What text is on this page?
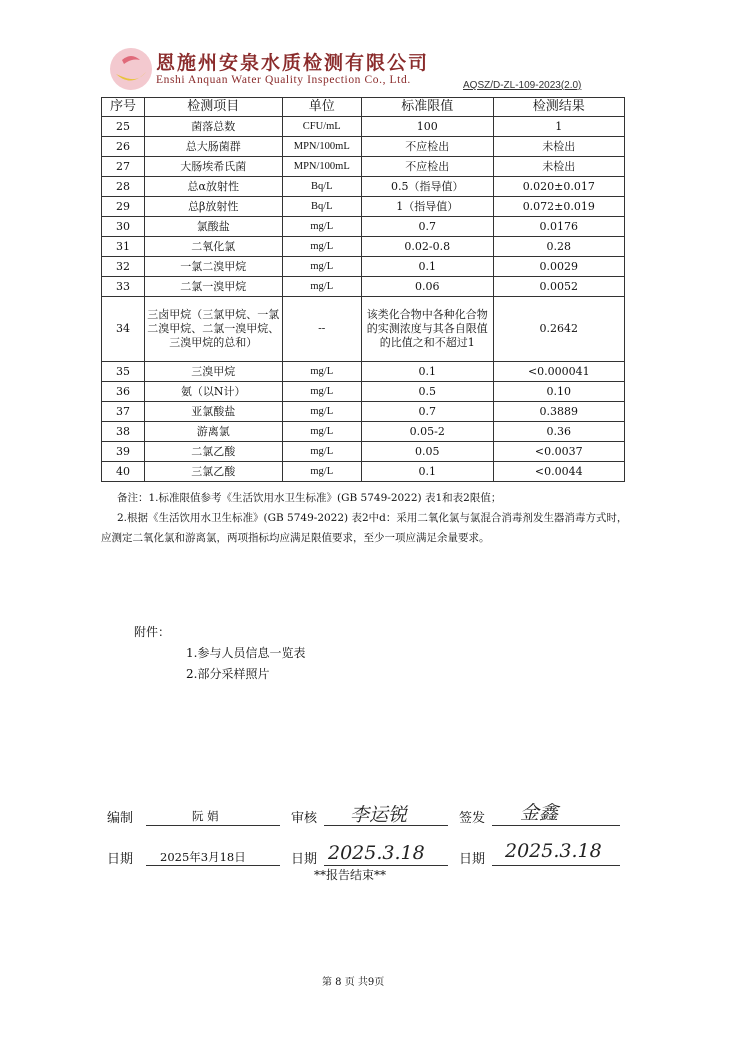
恩施州安泉水质检测有限公司
Enshi Anquan Water Quality Inspection Co., Ltd.	AQSZ/D-ZL-109-2023(2.0)
序号	检测项目	单位	标准限值	检测结果
25	菌落总数	CFU/mL	100	1
26	总大肠菌群	MPN/100mL	不应检出	未检出
27	大肠埃希氏菌	MPN/100mL	不应检出	未检出
28	总α放射性	Bq/L	0.5（指导值）	0.020±0.017
29	总β放射性	Bq/L	1（指导值）	0.072±0.019
30	氯酸盐	mg/L	0.7	0.0176
31	二氧化氯	mg/L	0.02-0.8	0.28
32	一氯二溴甲烷	mg/L	0.1	0.0029
33	二氯一溴甲烷	mg/L	0.06	0.0052
34	三卤甲烷（三氯甲烷、一氯二溴甲烷、二氯一溴甲烷、三溴甲烷的总和）	--	该类化合物中各种化合物的实测浓度与其各自限值的比值之和不超过1	0.2642
35	三溴甲烷	mg/L	0.1	<0.000041
36	氨（以N计）	mg/L	0.5	0.10
37	亚氯酸盐	mg/L	0.7	0.3889
38	游离氯	mg/L	0.05-2	0.36
39	二氯乙酸	mg/L	0.05	<0.0037
40	三氯乙酸	mg/L	0.1	<0.0044

备注：1.标准限值参考《生活饮用水卫生标准》(GB 5749-2022) 表1和表2限值；

2.根据《生活饮用水卫生标准》(GB 5749-2022) 表2中d：采用二氧化氯与氯混合消毒剂发生器消毒方式时，应测定二氧化氯和游离氯，两项指标均应满足限值要求，至少一项应满足余量要求。

附件：
1.参与人员信息一览表
2.部分采样照片
编制	阮 娟	审核 李运锐	签发 金鑫
日期 2025年3月18日	日期 2025.3.18	日期 2025.3.18
**报告结束**
第 8 页 共9页
